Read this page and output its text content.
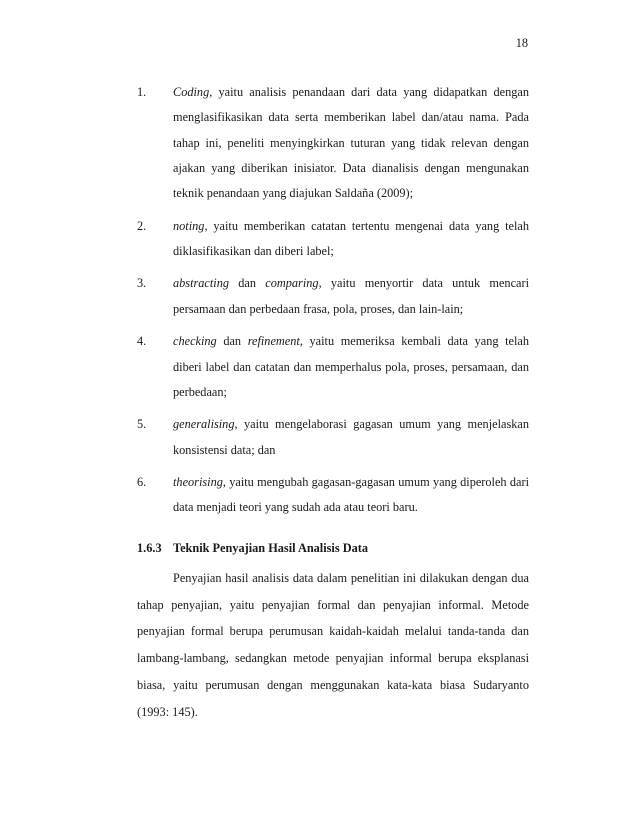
18
1. Coding, yaitu analisis penandaan dari data yang didapatkan dengan menglasifikasikan data serta memberikan label dan/atau nama. Pada tahap ini, peneliti menyingkirkan tuturan yang tidak relevan dengan ajakan yang diberikan inisiator. Data dianalisis dengan mengunakan teknik penandaan yang diajukan Saldaña (2009);
2. noting, yaitu memberikan catatan tertentu mengenai data yang telah diklasifikasikan dan diberi label;
3. abstracting dan comparing, yaitu menyortir data untuk mencari persamaan dan perbedaan frasa, pola, proses, dan lain-lain;
4. checking dan refinement, yaitu memeriksa kembali data yang telah diberi label dan catatan dan memperhalus pola, proses, persamaan, dan perbedaan;
5. generalising, yaitu mengelaborasi gagasan umum yang menjelaskan konsistensi data; dan
6. theorising, yaitu mengubah gagasan-gagasan umum yang diperoleh dari data menjadi teori yang sudah ada atau teori baru.
1.6.3 Teknik Penyajian Hasil Analisis Data

Penyajian hasil analisis data dalam penelitian ini dilakukan dengan dua tahap penyajian, yaitu penyajian formal dan penyajian informal. Metode penyajian formal berupa perumusan kaidah-kaidah melalui tanda-tanda dan lambang-lambang, sedangkan metode penyajian informal berupa eksplanasi biasa, yaitu perumusan dengan menggunakan kata-kata biasa Sudaryanto (1993: 145).
